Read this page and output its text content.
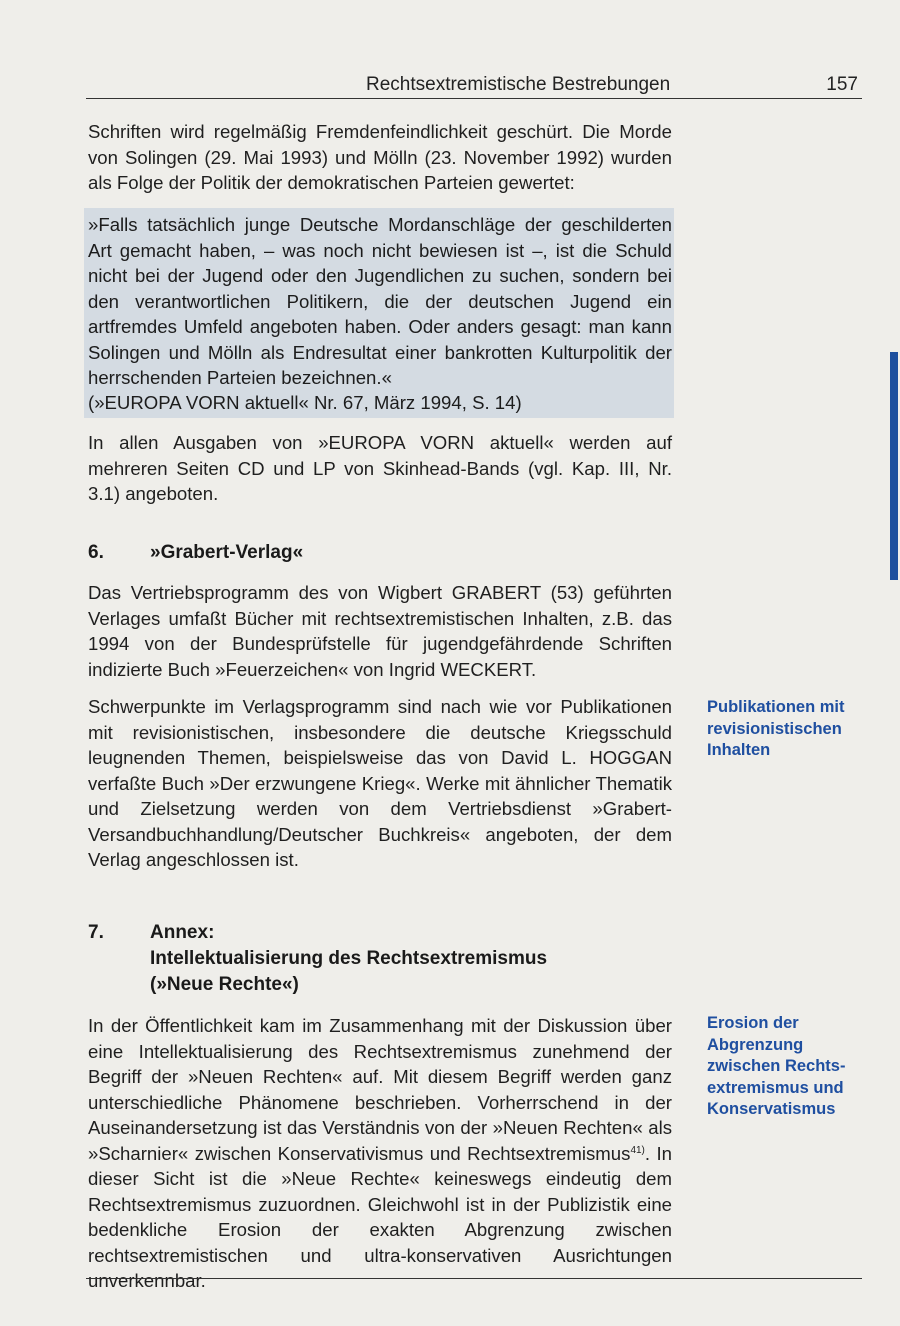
Rechtsextremistische Bestrebungen	157

Schriften wird regelmäßig Fremdenfeindlichkeit geschürt. Die Morde von Solingen (29. Mai 1993) und Mölln (23. November 1992) wurden als Folge der Politik der demokratischen Parteien gewertet:

»Falls tatsächlich junge Deutsche Mordanschläge der geschilderten Art gemacht haben, – was noch nicht bewiesen ist –, ist die Schuld nicht bei der Jugend oder den Jugendlichen zu suchen, sondern bei den verantwortlichen Politikern, die der deutschen Jugend ein artfremdes Umfeld angeboten haben. Oder anders gesagt: man kann Solingen und Mölln als Endresultat einer bankrotten Kulturpolitik der herrschenden Parteien bezeichnen.«

(»EUROPA VORN aktuell« Nr. 67, März 1994, S. 14)

In allen Ausgaben von »EUROPA VORN aktuell« werden auf mehreren Seiten CD und LP von Skinhead-Bands (vgl. Kap. III, Nr. 3.1) angeboten.

6.	»Grabert-Verlag«

Das Vertriebsprogramm des von Wigbert GRABERT (53) geführten Verlages umfaßt Bücher mit rechtsextremistischen Inhalten, z.B. das 1994 von der Bundesprüfstelle für jugendgefährdende Schriften indizierte Buch »Feuerzeichen« von Ingrid WECKERT.

Schwerpunkte im Verlagsprogramm sind nach wie vor Publikationen mit revisionistischen, insbesondere die deutsche Kriegsschuld leugnenden Themen, beispielsweise das von David L. HOGGAN verfaßte Buch »Der erzwungene Krieg«. Werke mit ähnlicher Thematik und Zielsetzung werden von dem Vertriebsdienst »Grabert-Versandbuchhandlung/Deutscher Buchkreis« angeboten, der dem Verlag angeschlossen ist.

Publikationen mit revisionistischen Inhalten
7.	Annex:
Intellektualisierung des Rechtsextremismus
(»Neue Rechte«)

In der Öffentlichkeit kam im Zusammenhang mit der Diskussion über eine Intellektualisierung des Rechtsextremismus zunehmend der Begriff der »Neuen Rechten« auf. Mit diesem Begriff werden ganz unterschiedliche Phänomene beschrieben. Vorherrschend in der Auseinandersetzung ist das Verständnis von der »Neuen Rechten« als »Scharnier« zwischen Konservativismus und Rechtsextremismus$^{41)}$. In dieser Sicht ist die »Neue Rechte« keineswegs eindeutig dem Rechtsextremismus zuzuordnen. Gleichwohl ist in der Publizistik eine bedenkliche Erosion der exakten Abgrenzung zwischen rechtsextremistischen und ultra-konservativen Ausrichtungen unverkennbar.

Erosion der Abgrenzung zwischen Rechts-extremismus und Konservatismus
